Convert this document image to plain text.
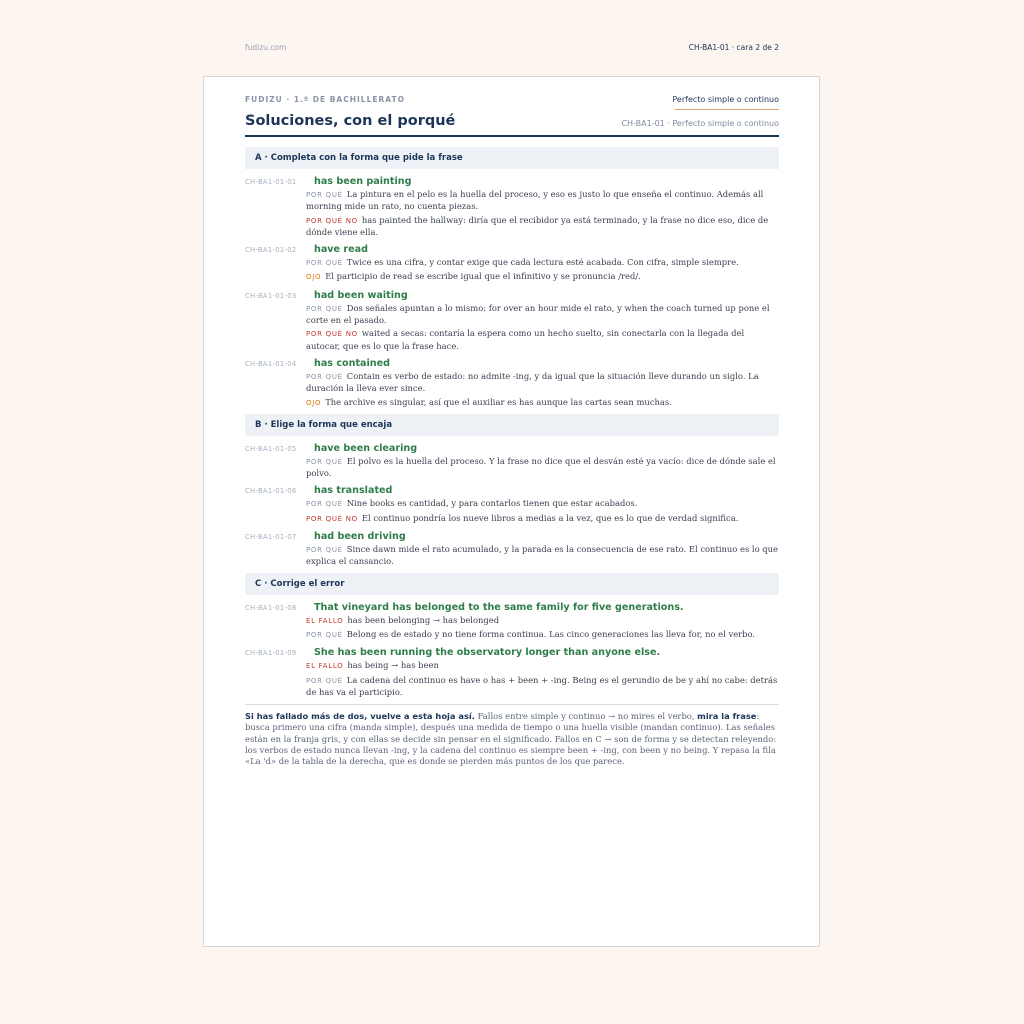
FUDIZU · 1.º DE BACHILLERATO	Perfecto simple o continuo
Soluciones, con el porqué	CH-BA1-01 · Perfecto simple o continuo
A · Completa con la forma que pide la frase
CH-BA1-01-01 has been painting
POR QUÉ La pintura en el pelo es la huella del proceso, y eso es justo lo que enseña el continuo. Además all morning mide un rato, no cuenta piezas.
POR QUÉ NO has painted the hallway: diría que el recibidor ya está terminado, y la frase no dice eso, dice de dónde viene ella.
CH-BA1-01-02 have read
POR QUÉ Twice es una cifra, y contar exige que cada lectura esté acabada. Con cifra, simple siempre.
OJO El participio de read se escribe igual que el infinitivo y se pronuncia /red/.
CH-BA1-01-03 had been waiting
POR QUÉ Dos señales apuntan a lo mismo: for over an hour mide el rato, y when the coach turned up pone el corte en el pasado.
POR QUÉ NO waited a secas: contaría la espera como un hecho suelto, sin conectarla con la llegada del autocar, que es lo que la frase hace.
CH-BA1-01-04 has contained
POR QUÉ Contain es verbo de estado: no admite -ing, y da igual que la situación lleve durando un siglo. La duración la lleva ever since.
OJO The archive es singular, así que el auxiliar es has aunque las cartas sean muchas.
B · Elige la forma que encaja
CH-BA1-01-05 have been clearing
POR QUÉ El polvo es la huella del proceso. Y la frase no dice que el desván esté ya vacío: dice de dónde sale el polvo.
CH-BA1-01-06 has translated
POR QUÉ Nine books es cantidad, y para contarlos tienen que estar acabados.
POR QUÉ NO El continuo pondría los nueve libros a medias a la vez, que es lo que de verdad significa.
CH-BA1-01-07 had been driving
POR QUÉ Since dawn mide el rato acumulado, y la parada es la consecuencia de ese rato. El continuo es lo que explica el cansancio.
C · Corrige el error
CH-BA1-01-08 That vineyard has belonged to the same family for five generations.
EL FALLO has been belonging → has belonged
POR QUÉ Belong es de estado y no tiene forma continua. Las cinco generaciones las lleva for, no el verbo.
CH-BA1-01-09 She has been running the observatory longer than anyone else.
EL FALLO has being → has been
POR QUÉ La cadena del continuo es have o has + been + -ing. Being es el gerundio de be y ahí no cabe: detrás de has va el participio.
Si has fallado más de dos, vuelve a esta hoja así. Fallos entre simple y continuo → no mires el verbo, mira la frase: busca primero una cifra (manda simple), después una medida de tiempo o una huella visible (mandan continuo). Las señales están en la franja gris, y con ellas se decide sin pensar en el significado. Fallos en C → son de forma y se detectan releyendo: los verbos de estado nunca llevan -ing, y la cadena del continuo es siempre been + -ing, con been y no being. Y repasa la fila «La 'd» de la tabla de la derecha, que es donde se pierden más puntos de los que parece.
fudizu.com	CH-BA1-01 · cara 2 de 2
